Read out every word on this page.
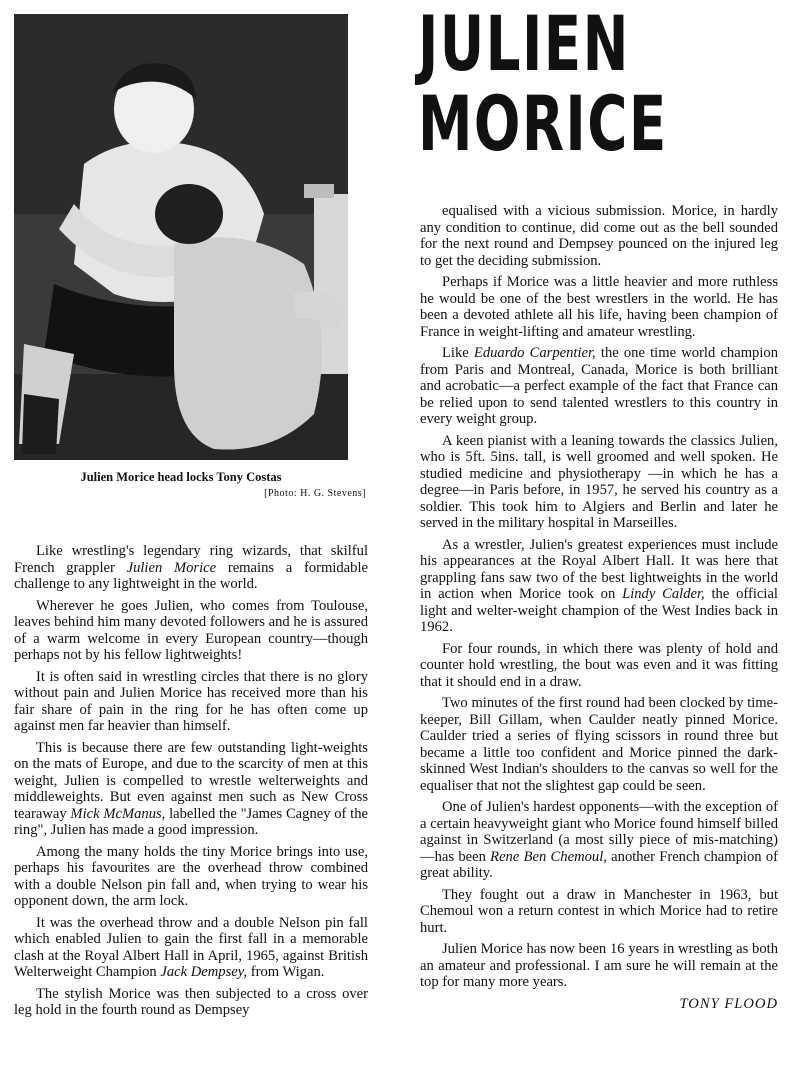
Julien Morice head locks Tony Costas
[Photo: H. G. Stevens]
JULIEN
MORICE

Like wrestling's legendary ring wizards, that skilful French grappler Julien Morice remains a formidable challenge to any lightweight in the world.

Wherever he goes Julien, who comes from Toulouse, leaves behind him many devoted followers and he is assured of a warm welcome in every European country—though perhaps not by his fellow lightweights!

It is often said in wrestling circles that there is no glory without pain and Julien Morice has received more than his fair share of pain in the ring for he has often come up against men far heavier than himself.

This is because there are few outstanding light-weights on the mats of Europe, and due to the scarcity of men at this weight, Julien is compelled to wrestle welterweights and middleweights. But even against men such as New Cross tearaway Mick McManus, labelled the "James Cagney of the ring", Julien has made a good impression.

Among the many holds the tiny Morice brings into use, perhaps his favourites are the overhead throw combined with a double Nelson pin fall and, when trying to wear his opponent down, the arm lock.

It was the overhead throw and a double Nelson pin fall which enabled Julien to gain the first fall in a memorable clash at the Royal Albert Hall in April, 1965, against British Welterweight Champion Jack Dempsey, from Wigan.

The stylish Morice was then subjected to a cross over leg hold in the fourth round as Dempsey

equalised with a vicious submission. Morice, in hardly any condition to continue, did come out as the bell sounded for the next round and Dempsey pounced on the injured leg to get the deciding submission.

Perhaps if Morice was a little heavier and more ruthless he would be one of the best wrestlers in the world. He has been a devoted athlete all his life, having been champion of France in weight-lifting and amateur wrestling.

Like Eduardo Carpentier, the one time world champion from Paris and Montreal, Canada, Morice is both brilliant and acrobatic—a perfect example of the fact that France can be relied upon to send talented wrestlers to this country in every weight group.

A keen pianist with a leaning towards the classics Julien, who is 5ft. 5ins. tall, is well groomed and well spoken. He studied medicine and physiotherapy —in which he has a degree—in Paris before, in 1957, he served his country as a soldier. This took him to Algiers and Berlin and later he served in the military hospital in Marseilles.

As a wrestler, Julien's greatest experiences must include his appearances at the Royal Albert Hall. It was here that grappling fans saw two of the best lightweights in the world in action when Morice took on Lindy Calder, the official light and welter-weight champion of the West Indies back in 1962.

For four rounds, in which there was plenty of hold and counter hold wrestling, the bout was even and it was fitting that it should end in a draw.

Two minutes of the first round had been clocked by time-keeper, Bill Gillam, when Caulder neatly pinned Morice. Caulder tried a series of flying scissors in round three but became a little too confident and Morice pinned the dark-skinned West Indian's shoulders to the canvas so well for the equaliser that not the slightest gap could be seen.

One of Julien's hardest opponents—with the exception of a certain heavyweight giant who Morice found himself billed against in Switzerland (a most silly piece of mis-matching)—has been Rene Ben Chemoul, another French champion of great ability.

They fought out a draw in Manchester in 1963, but Chemoul won a return contest in which Morice had to retire hurt.

Julien Morice has now been 16 years in wrestling as both an amateur and professional. I am sure he will remain at the top for many more years.

TONY FLOOD
